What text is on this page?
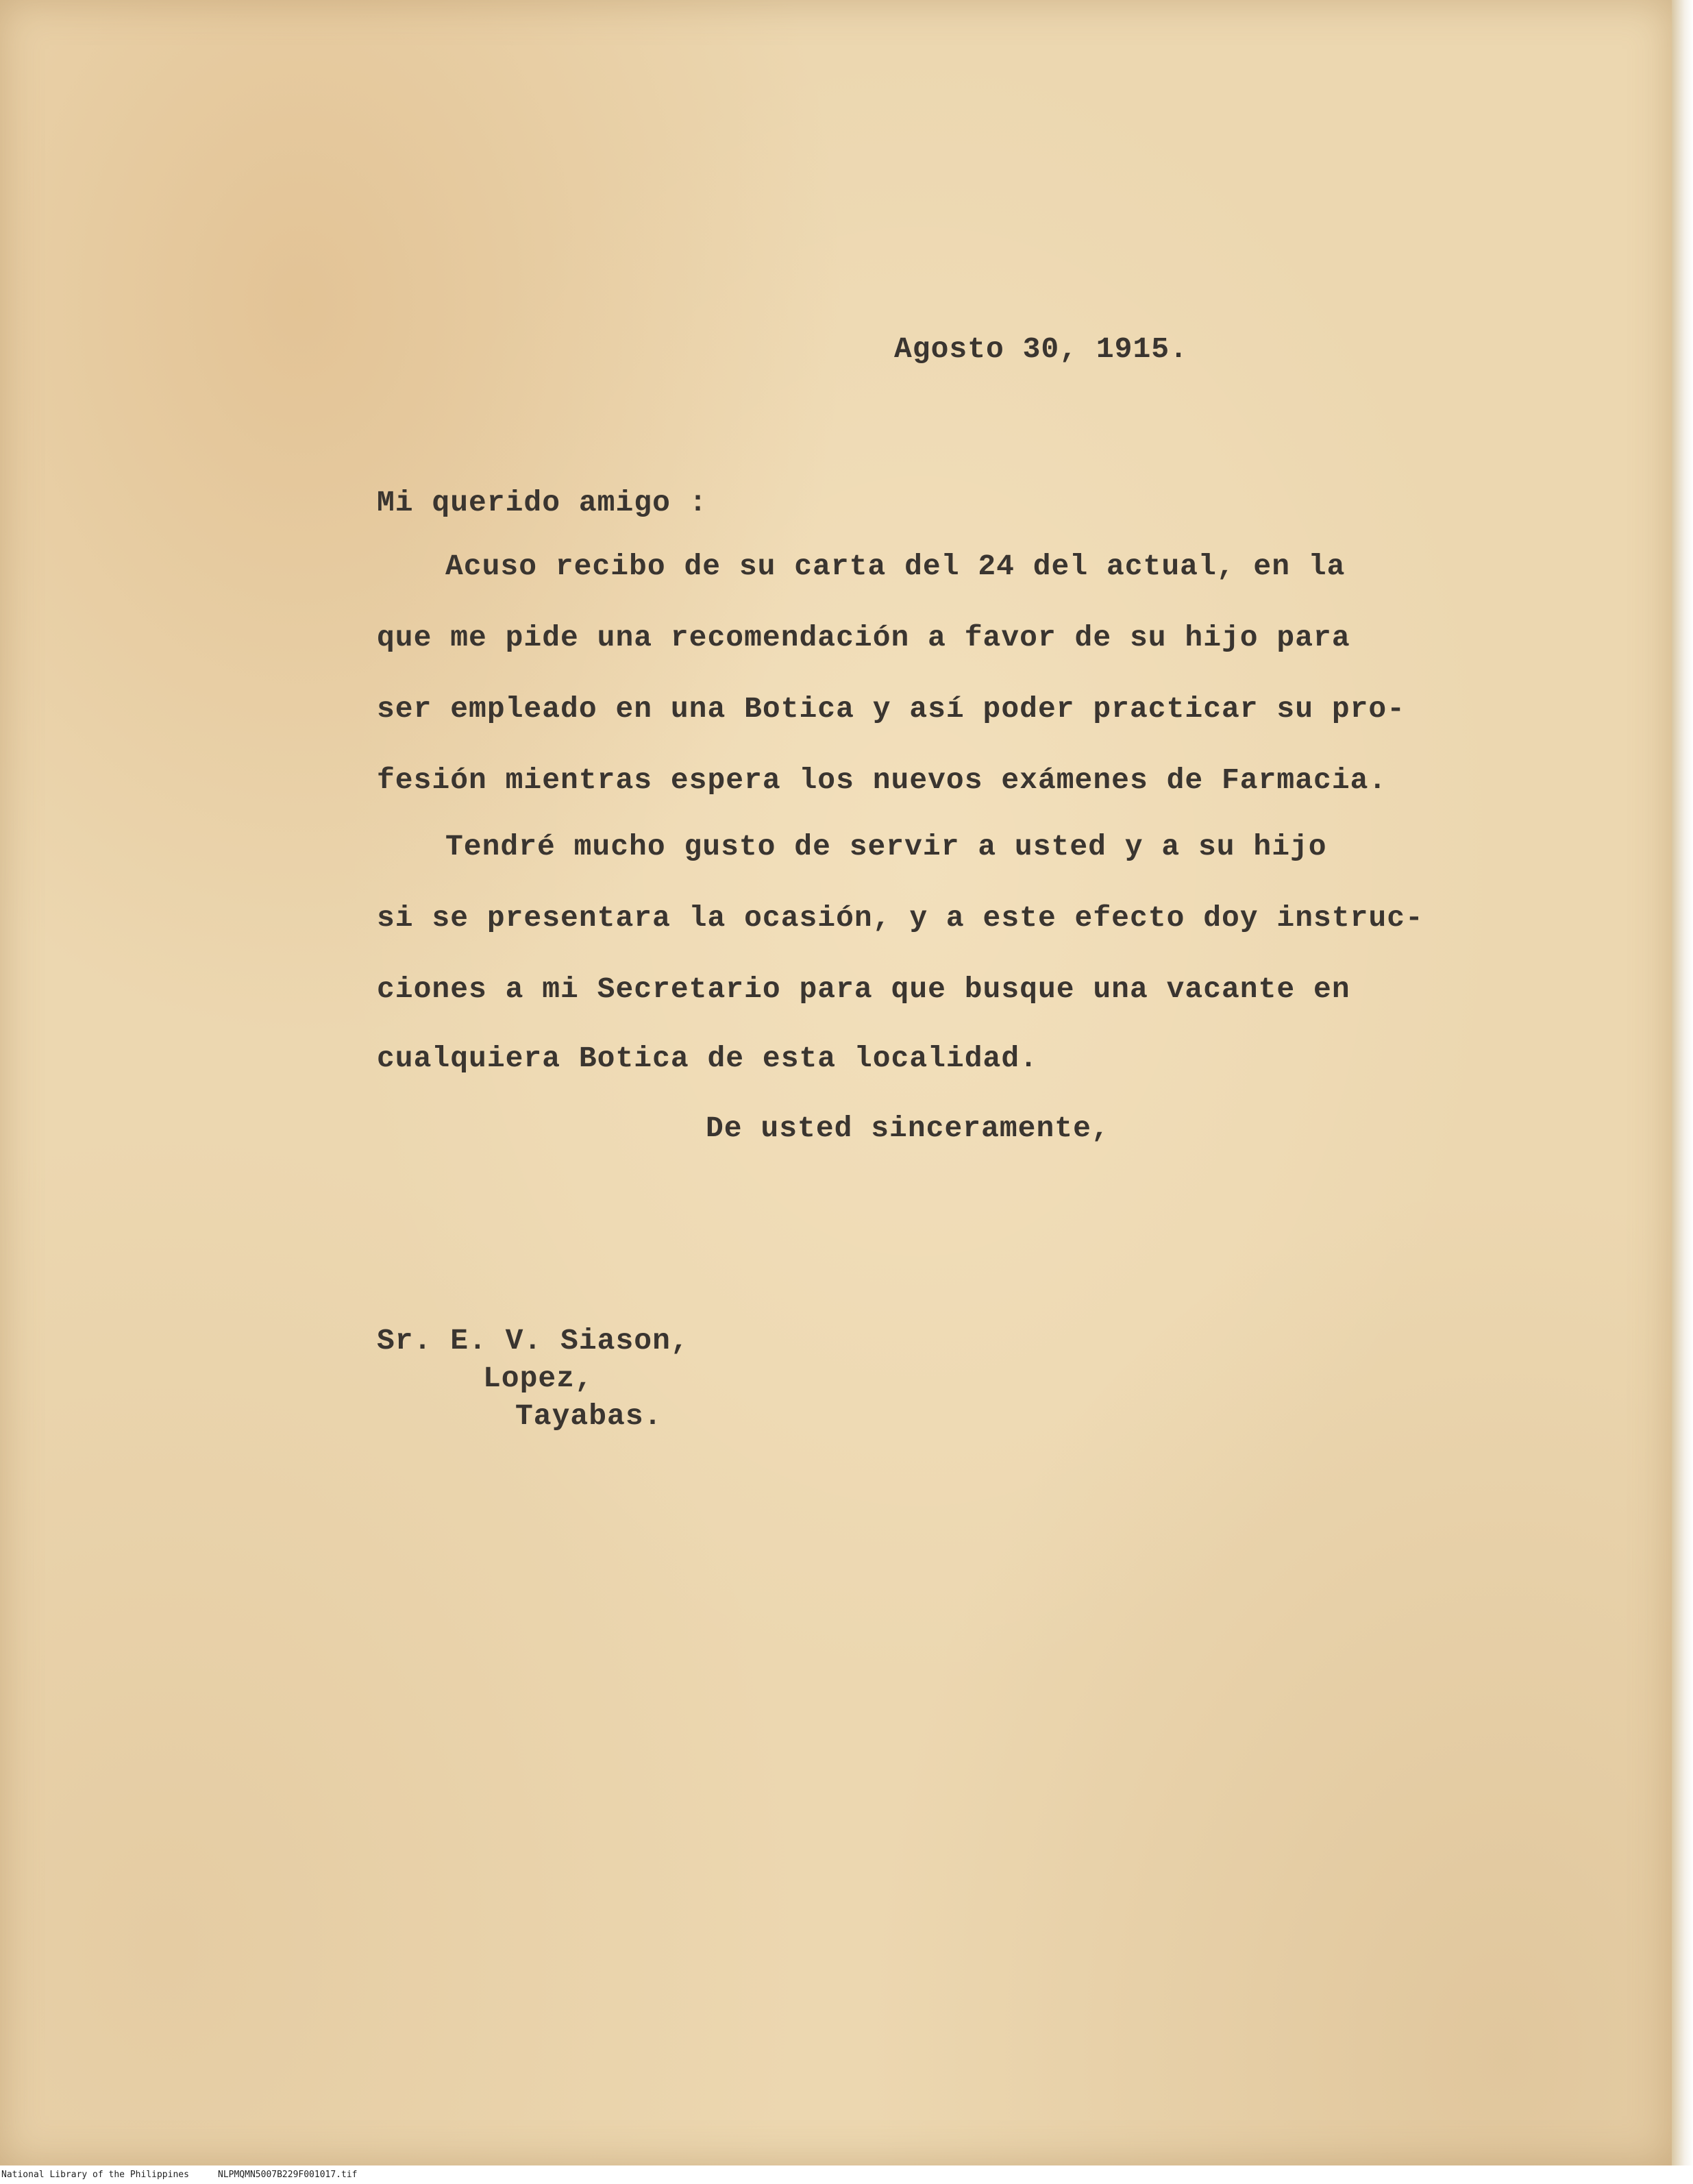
Agosto 30, 1915.
Mi querido amigo :
Acuso recibo de su carta del 24 del actual, en la
que me pide una recomendación a favor de su hijo para
ser empleado en una Botica y así poder practicar su pro-
fesión mientras espera los nuevos exámenes de Farmacia.
Tendré mucho gusto de servir a usted y a su hijo
si se presentara la ocasión, y a este efecto doy instruc-
ciones a mi Secretario para que busque una vacante en
cualquiera Botica de esta localidad.
De usted sinceramente,
Sr. E. V. Siason,
Lopez,
Tayabas.
National Library of the Philippines	NLPMQMN5007B229F001017.tif
